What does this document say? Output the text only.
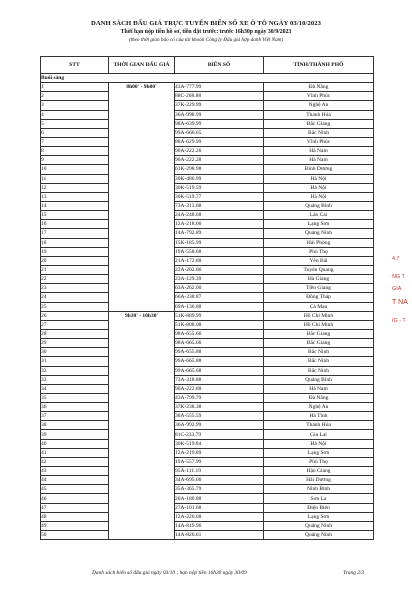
DANH SÁCH ĐẤU GIÁ TRỰC TUYẾN BIỂN SỐ XE Ô TÔ NGÀY 03/10/2023
Thời hạn nộp tiền hồ sơ, tiền đặt trước: trước 16h30p ngày 30/9/2023
(theo thời gian báo có của tài khoản Công ty Đấu giá hợp danh Việt Nam)
STT	THỜI GIAN ĐẤU GIÁ	BIỂN SỐ	TỈNH/THÀNH PHỐ
Buổi sáng			
1	8h00' - 9h00'	43A-777.99	Đà Nẵng
2		88C-268.88	Vĩnh Phúc
3		37K-229.99	Nghệ An
4		36A-998.99	Thanh Hóa
5		98A-639.99	Bắc Giang
6		99A-666.65	Bắc Ninh
7		88A-629.99	Vĩnh Phúc
8		90A-222.26	Hà Nam
9		90A-222.28	Hà Nam
10		61K-298.98	Bình Dương
11		30K-486.99	Hà Nội
12		30K-519.59	Hà Nội
13		30K-519.77	Hà Nội
14		73A-313.68	Quảng Bình
15		24A-248.68	Lào Cai
16		12A-218.66	Lạng Sơn
17		14A-792.89	Quảng Ninh
18		15K-185.99	Hải Phòng
19		19A-558.68	Phú Thọ
20		21A-172.88	Yên Bái
21		22A-202.66	Tuyên Quang
22		23A-129.39	Hà Giang
23		63A-262.00	Tiền Giang
24		66A-238.87	Đồng Tháp
25		69A-136.88	Cà Mau
26	9h30' - 10h30'	51K-889.99	Hồ Chí Minh
27		51K-808.08	Hồ Chí Minh
28		98A-655.66	Bắc Giang
29		98A-665.66	Bắc Giang
30		99A-655.88	Bắc Ninh
31		99A-665.88	Bắc Ninh
32		99A-665.68	Bắc Ninh
33		73A-318.88	Quảng Bình
34		90A-222.88	Hà Nam
35		43A-799.79	Đà Nẵng
36		37K-238.38	Nghệ An
37		38A-555.59	Hà Tĩnh
38		36A-992.99	Thanh Hóa
39		81C-233.79	Gia Lai
40		30K-519.84	Hà Nội
41		12A-219.89	Lạng Sơn
42		19A-557.99	Phú Thọ
43		95A-111.19	Hậu Giang
44		34A-695.66	Hải Dương
45		35A-365.79	Ninh Bình
46		26A-180.88	Sơn La
47		27A-101.68	Điện Biên
48		12A-220.68	Lạng Sơn
49		14A-819.96	Quảng Ninh
50		14A-826.61	Quảng Ninh
Danh sách biển số đấu giá ngày 03/10 ; hạn nộp tiền 16h30 ngày 30/09	Trang 2/3
4.7
NG T
GIÁ
T NA
IG - T
